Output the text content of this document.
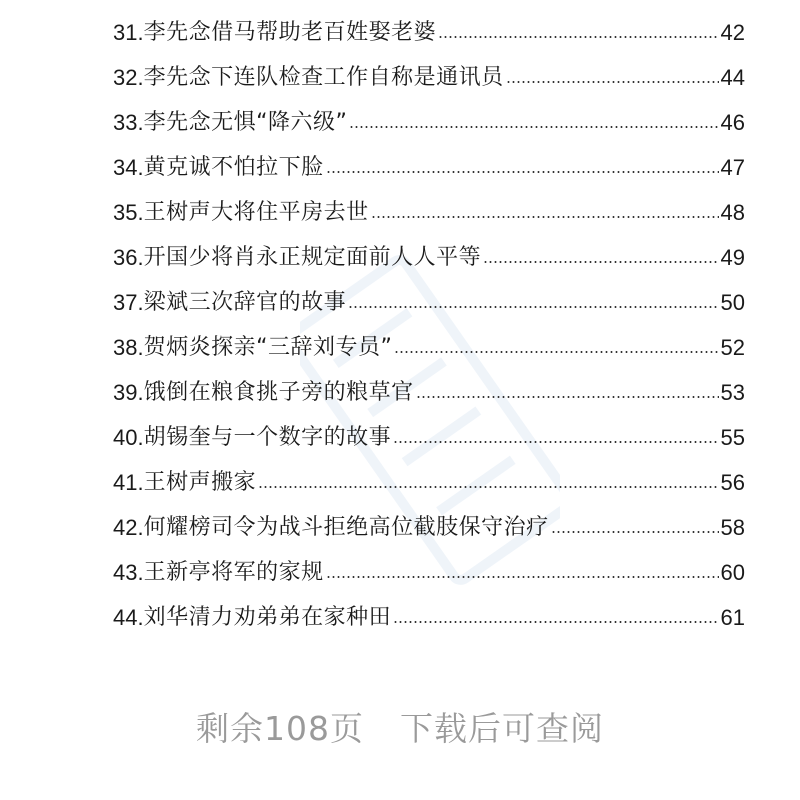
31. 李先念借马帮助老百姓娶老婆	42
32. 李先念下连队检查工作自称是通讯员	44
33. 李先念无惧“降六级”	46
34. 黄克诚不怕拉下脸	47
35. 王树声大将住平房去世	48
36. 开国少将肖永正规定面前人人平等	49
37. 梁斌三次辞官的故事	50
38. 贺炳炎探亲“三辞刘专员”	52
39. 饿倒在粮食挑子旁的粮草官	53
40. 胡锡奎与一个数字的故事	55
41. 王树声搬家	56
42. 何耀榜司令为战斗拒绝高位截肢保守治疗	58
43. 王新亭将军的家规	60
44. 刘华清力劝弟弟在家种田	61
剩余108页 下载后可查阅
